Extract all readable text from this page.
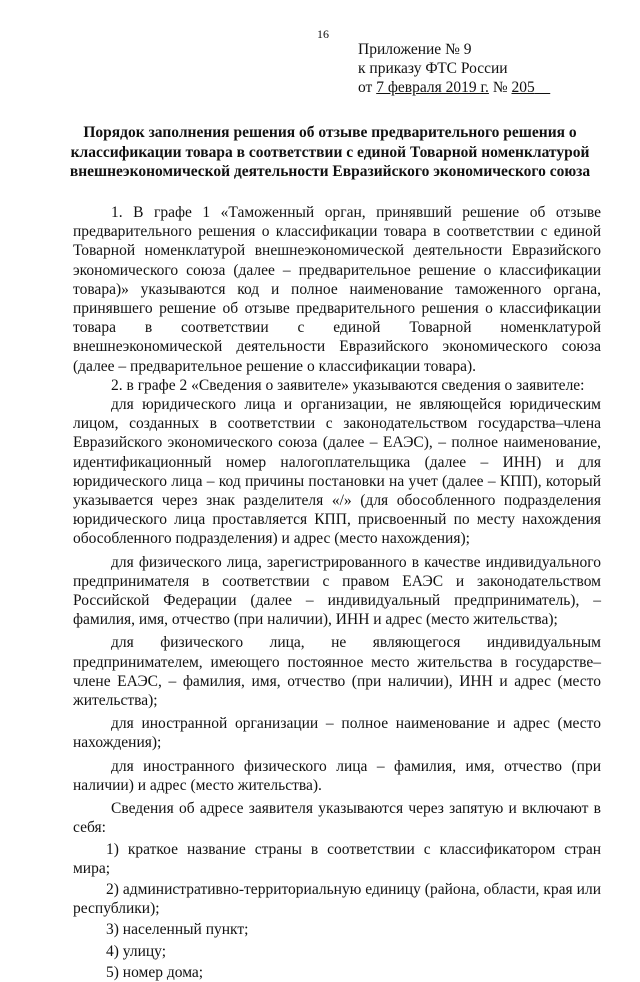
16
Приложение № 9
к приказу ФТС России
от 7 февраля 2019 г. № 205
Порядок заполнения решения об отзыве предварительного решения о классификации товара в соответствии с единой Товарной номенклатурой внешнеэкономической деятельности Евразийского экономического союза

1. В графе 1 «Таможенный орган, принявший решение об отзыве предварительного решения о классификации товара в соответствии с единой Товарной номенклатурой внешнеэкономической деятельности Евразийского экономического союза (далее – предварительное решение о классификации товара)» указываются код и полное наименование таможенного органа, принявшего решение об отзыве предварительного решения о классификации товара в соответствии с единой Товарной номенклатурой внешнеэкономической деятельности Евразийского экономического союза (далее – предварительное решение о классификации товара).

2. в графе 2 «Сведения о заявителе» указываются сведения о заявителе:

для юридического лица и организации, не являющейся юридическим лицом, созданных в соответствии с законодательством государства–члена Евразийского экономического союза (далее – ЕАЭС), – полное наименование, идентификационный номер налогоплательщика (далее – ИНН) и для юридического лица – код причины постановки на учет (далее – КПП), который указывается через знак разделителя «/» (для обособленного подразделения юридического лица проставляется КПП, присвоенный по месту нахождения обособленного подразделения) и адрес (место нахождения);

для физического лица, зарегистрированного в качестве индивидуального предпринимателя в соответствии с правом ЕАЭС и законодательством Российской Федерации (далее – индивидуальный предприниматель), – фамилия, имя, отчество (при наличии), ИНН и адрес (место жительства);

для физического лица, не являющегося индивидуальным предпринимателем, имеющего постоянное место жительства в государстве–члене ЕАЭС, – фамилия, имя, отчество (при наличии), ИНН и адрес (место жительства);

для иностранной организации – полное наименование и адрес (место нахождения);

для иностранного физического лица – фамилия, имя, отчество (при наличии) и адрес (место жительства).

Сведения об адресе заявителя указываются через запятую и включают в себя:

1) краткое название страны в соответствии с классификатором стран мира;

2) административно-территориальную единицу (района, области, края или республики);

3) населенный пункт;

4) улицу;

5) номер дома;
